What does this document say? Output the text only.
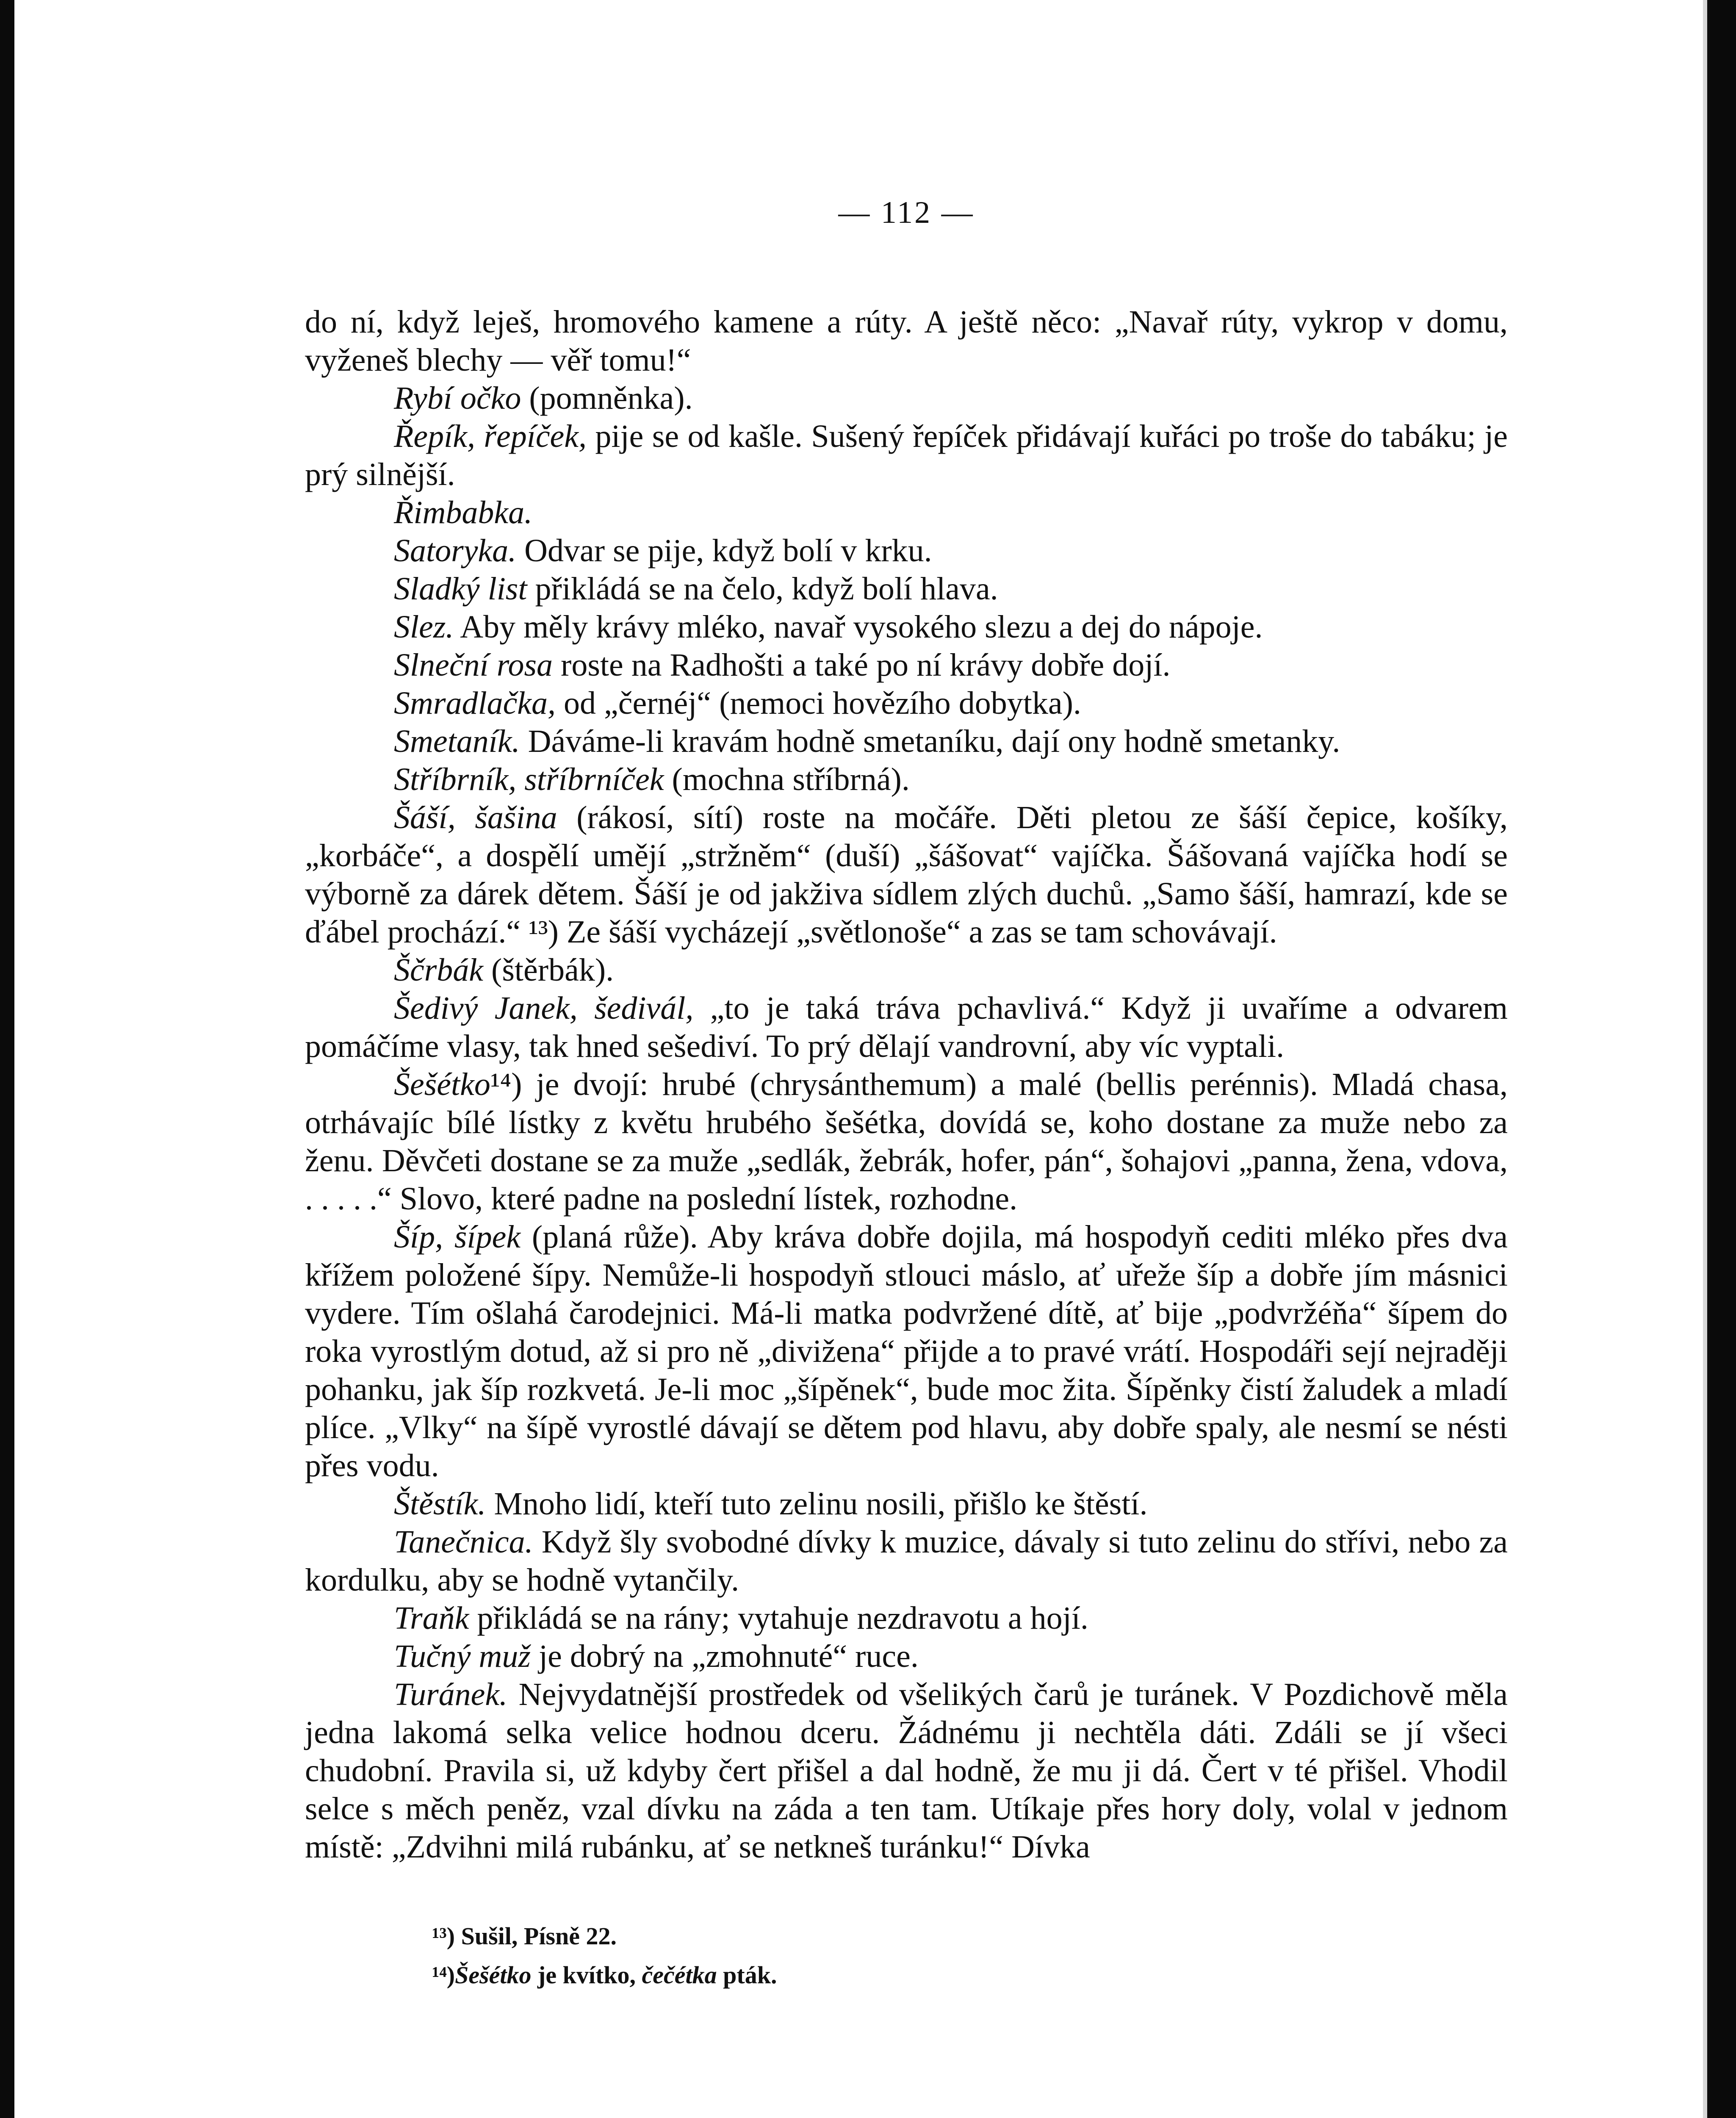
— 112 —

do ní, když leješ, hromového kamene a rúty. A ještě něco: „Navař rúty, vykrop v domu, vyženeš blechy — věř tomu!“

Rybí očko (pomněnka).

Řepík, řepíček, pije se od kašle. Sušený řepíček přidávají kuřáci po troše do tabáku; je prý silnější.

Řimbabka.

Satoryka. Odvar se pije, když bolí v krku.

Sladký list přikládá se na čelo, když bolí hlava.

Slez. Aby měly krávy mléko, navař vysokého slezu a dej do nápoje.

Slneční rosa roste na Radhošti a také po ní krávy dobře dojí.

Smradlačka, od „černéj“ (nemoci hovězího dobytka).

Smetaník. Dáváme-li kravám hodně smetaníku, dají ony hodně smetanky.

Stříbrník, stříbrníček (mochna stříbrná).

Šáší, šašina (rákosí, sítí) roste na močáře. Děti pletou ze šáší čepice, košíky, „korbáče“, a dospělí umějí „stržněm“ (duší) „šášovat“ vajíčka. Šášovaná vajíčka hodí se výborně za dárek dětem. Šáší je od jakživa sídlem zlých duchů. „Samo šáší, hamrazí, kde se ďábel prochází.“ ¹³) Ze šáší vycházejí „světlonoše“ a zas se tam schovávají.

Ščrbák (štěrbák).

Šedivý Janek, šedivál, „to je taká tráva pchavlivá.“ Když ji uvaříme a odvarem pomáčíme vlasy, tak hned sešediví. To prý dělají vandrovní, aby víc vyptali.

Šešétko¹⁴) je dvojí: hrubé (chrysánthemum) a malé (bellis perénnis). Mladá chasa, otrhávajíc bílé lístky z květu hrubého šešétka, dovídá se, koho dostane za muže nebo za ženu. Děvčeti dostane se za muže „sedlák, žebrák, hofer, pán“, šohajovi „panna, žena, vdova, . . . . .“ Slovo, které padne na poslední lístek, rozhodne.

Šíp, šípek (planá růže). Aby kráva dobře dojila, má hospodyň cediti mléko přes dva křížem položené šípy. Nemůže-li hospodyň stlouci máslo, ať uřeže šíp a dobře jím másnici vydere. Tím ošlahá čarodejnici. Má-li matka podvržené dítě, ať bije „podvržéňa“ šípem do roka vyrostlým dotud, až si pro ně „divižena“ přijde a to pravé vrátí. Hospodáři sejí nejraději pohanku, jak šíp rozkvetá. Je-li moc „šípěnek“, bude moc žita. Šípěnky čistí žaludek a mladí plíce. „Vlky“ na šípě vyrostlé dávají se dětem pod hlavu, aby dobře spaly, ale nesmí se nésti přes vodu.

Štěstík. Mnoho lidí, kteří tuto zelinu nosili, přišlo ke štěstí.

Tanečnica. Když šly svobodné dívky k muzice, dávaly si tuto zelinu do střívi, nebo za kordulku, aby se hodně vytančily.

Traňk přikládá se na rány; vytahuje nezdravotu a hojí.

Tučný muž je dobrý na „zmohnuté“ ruce.

Turánek. Nejvydatnější prostředek od všelikých čarů je turánek. V Pozdichově měla jedna lakomá selka velice hodnou dceru. Žádnému ji nechtěla dáti. Zdáli se jí všeci chudobní. Pravila si, už kdyby čert přišel a dal hodně, že mu ji dá. Čert v té přišel. Vhodil selce s měch peněz, vzal dívku na záda a ten tam. Utíkaje přes hory doly, volal v jednom místě: „Zdvihni milá rubánku, ať se netkneš turánku!“ Dívka

¹³) Sušil, Písně 22.
¹⁴)Šešétko je kvítko, čečétka pták.
